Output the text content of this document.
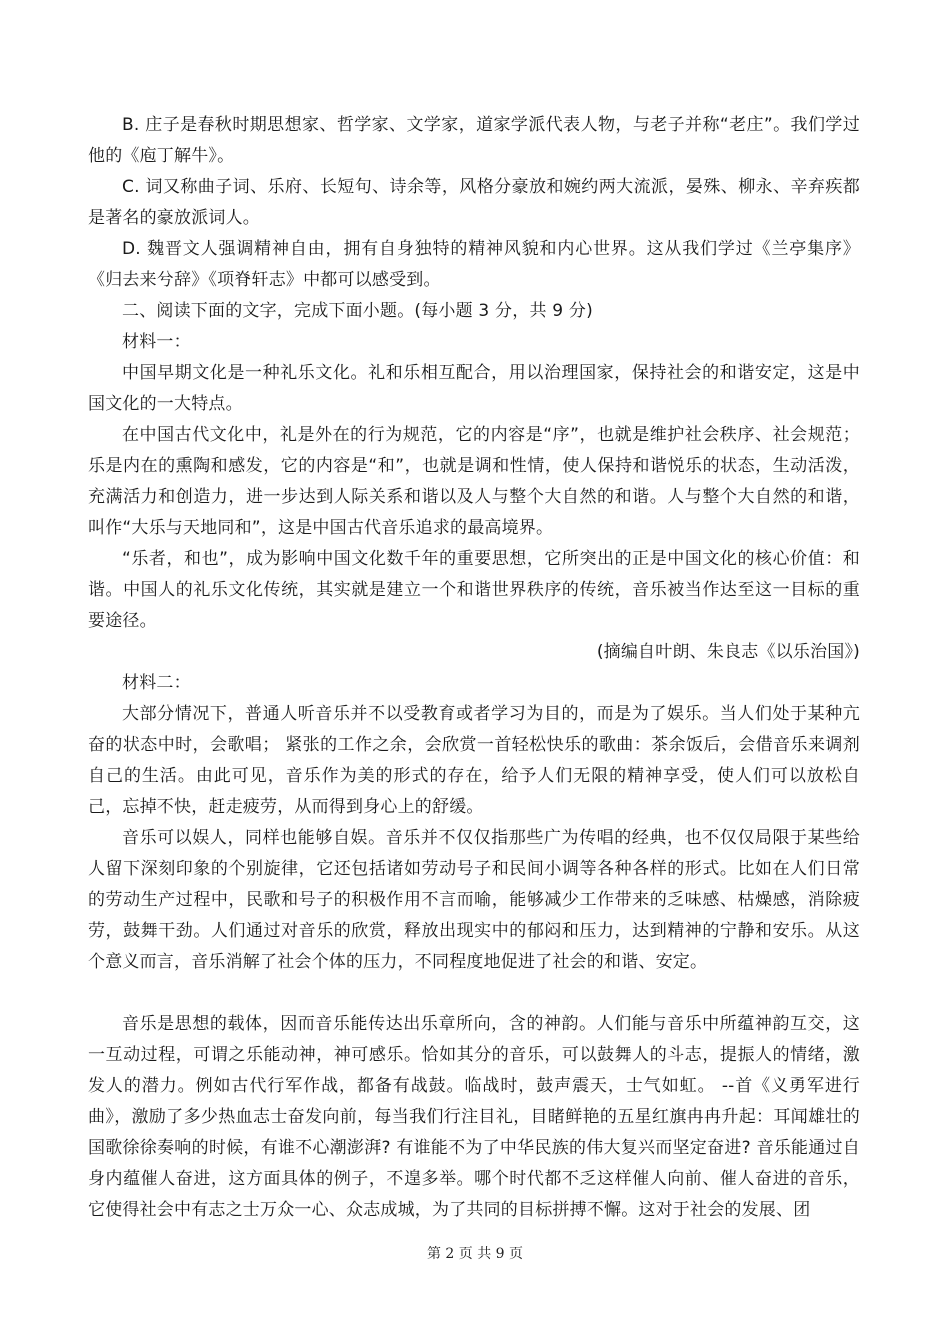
B. 庄子是春秋时期思想家、哲学家、文学家，道家学派代表人物，与老子并称“老庄”。我们学过他的《庖丁解牛》。

C. 词又称曲子词、乐府、长短句、诗余等，风格分豪放和婉约两大流派，晏殊、柳永、辛弃疾都是著名的豪放派词人。

D. 魏晋文人强调精神自由，拥有自身独特的精神风貌和内心世界。这从我们学过《兰亭集序》《归去来兮辞》《项脊轩志》中都可以感受到。

二、阅读下面的文字，完成下面小题。(每小题 3 分，共 9 分)

材料一：

中国早期文化是一种礼乐文化。礼和乐相互配合，用以治理国家，保持社会的和谐安定，这是中国文化的一大特点。

在中国古代文化中，礼是外在的行为规范，它的内容是“序”，也就是维护社会秩序、社会规范；乐是内在的熏陶和感发，它的内容是“和”，也就是调和性情，使人保持和谐悦乐的状态，生动活泼，充满活力和创造力，进一步达到人际关系和谐以及人与整个大自然的和谐。人与整个大自然的和谐，叫作“大乐与天地同和”，这是中国古代音乐追求的最高境界。

“乐者，和也”，成为影响中国文化数千年的重要思想，它所突出的正是中国文化的核心价值：和谐。中国人的礼乐文化传统，其实就是建立一个和谐世界秩序的传统，音乐被当作达至这一目标的重要途径。

(摘编自叶朗、朱良志《以乐治国》)

材料二：

大部分情况下，普通人听音乐并不以受教育或者学习为目的，而是为了娱乐。当人们处于某种亢奋的状态中时，会歌唱； 紧张的工作之余，会欣赏一首轻松快乐的歌曲：茶余饭后，会借音乐来调剂自己的生活。由此可见，音乐作为美的形式的存在，给予人们无限的精神享受，使人们可以放松自己，忘掉不快，赶走疲劳，从而得到身心上的舒缓。

音乐可以娱人，同样也能够自娱。音乐并不仅仅指那些广为传唱的经典，也不仅仅局限于某些给人留下深刻印象的个别旋律，它还包括诸如劳动号子和民间小调等各种各样的形式。比如在人们日常的劳动生产过程中，民歌和号子的积极作用不言而喻，能够减少工作带来的乏味感、枯燥感，消除疲劳，鼓舞干劲。人们通过对音乐的欣赏，释放出现实中的郁闷和压力，达到精神的宁静和安乐。从这个意义而言，音乐消解了社会个体的压力，不同程度地促进了社会的和谐、安定。

音乐是思想的载体，因而音乐能传达出乐章所向，含的神韵。人们能与音乐中所蕴神韵互交，这一互动过程，可谓之乐能动神，神可感乐。恰如其分的音乐，可以鼓舞人的斗志，提振人的情绪，激发人的潜力。例如古代行军作战，都备有战鼓。临战时，鼓声震天，士气如虹。 --首《义勇军进行曲》，激励了多少热血志士奋发向前，每当我们行注目礼，目睹鲜艳的五星红旗冉冉升起：耳闻雄壮的国歌徐徐奏响的时候，有谁不心潮澎湃? 有谁能不为了中华民族的伟大复兴而坚定奋进? 音乐能通过自身内蕴催人奋进，这方面具体的例子，不遑多举。哪个时代都不乏这样催人向前、催人奋进的音乐，它使得社会中有志之士万众一心、众志成城，为了共同的目标拼搏不懈。这对于社会的发展、团

第 2 页 共 9 页
